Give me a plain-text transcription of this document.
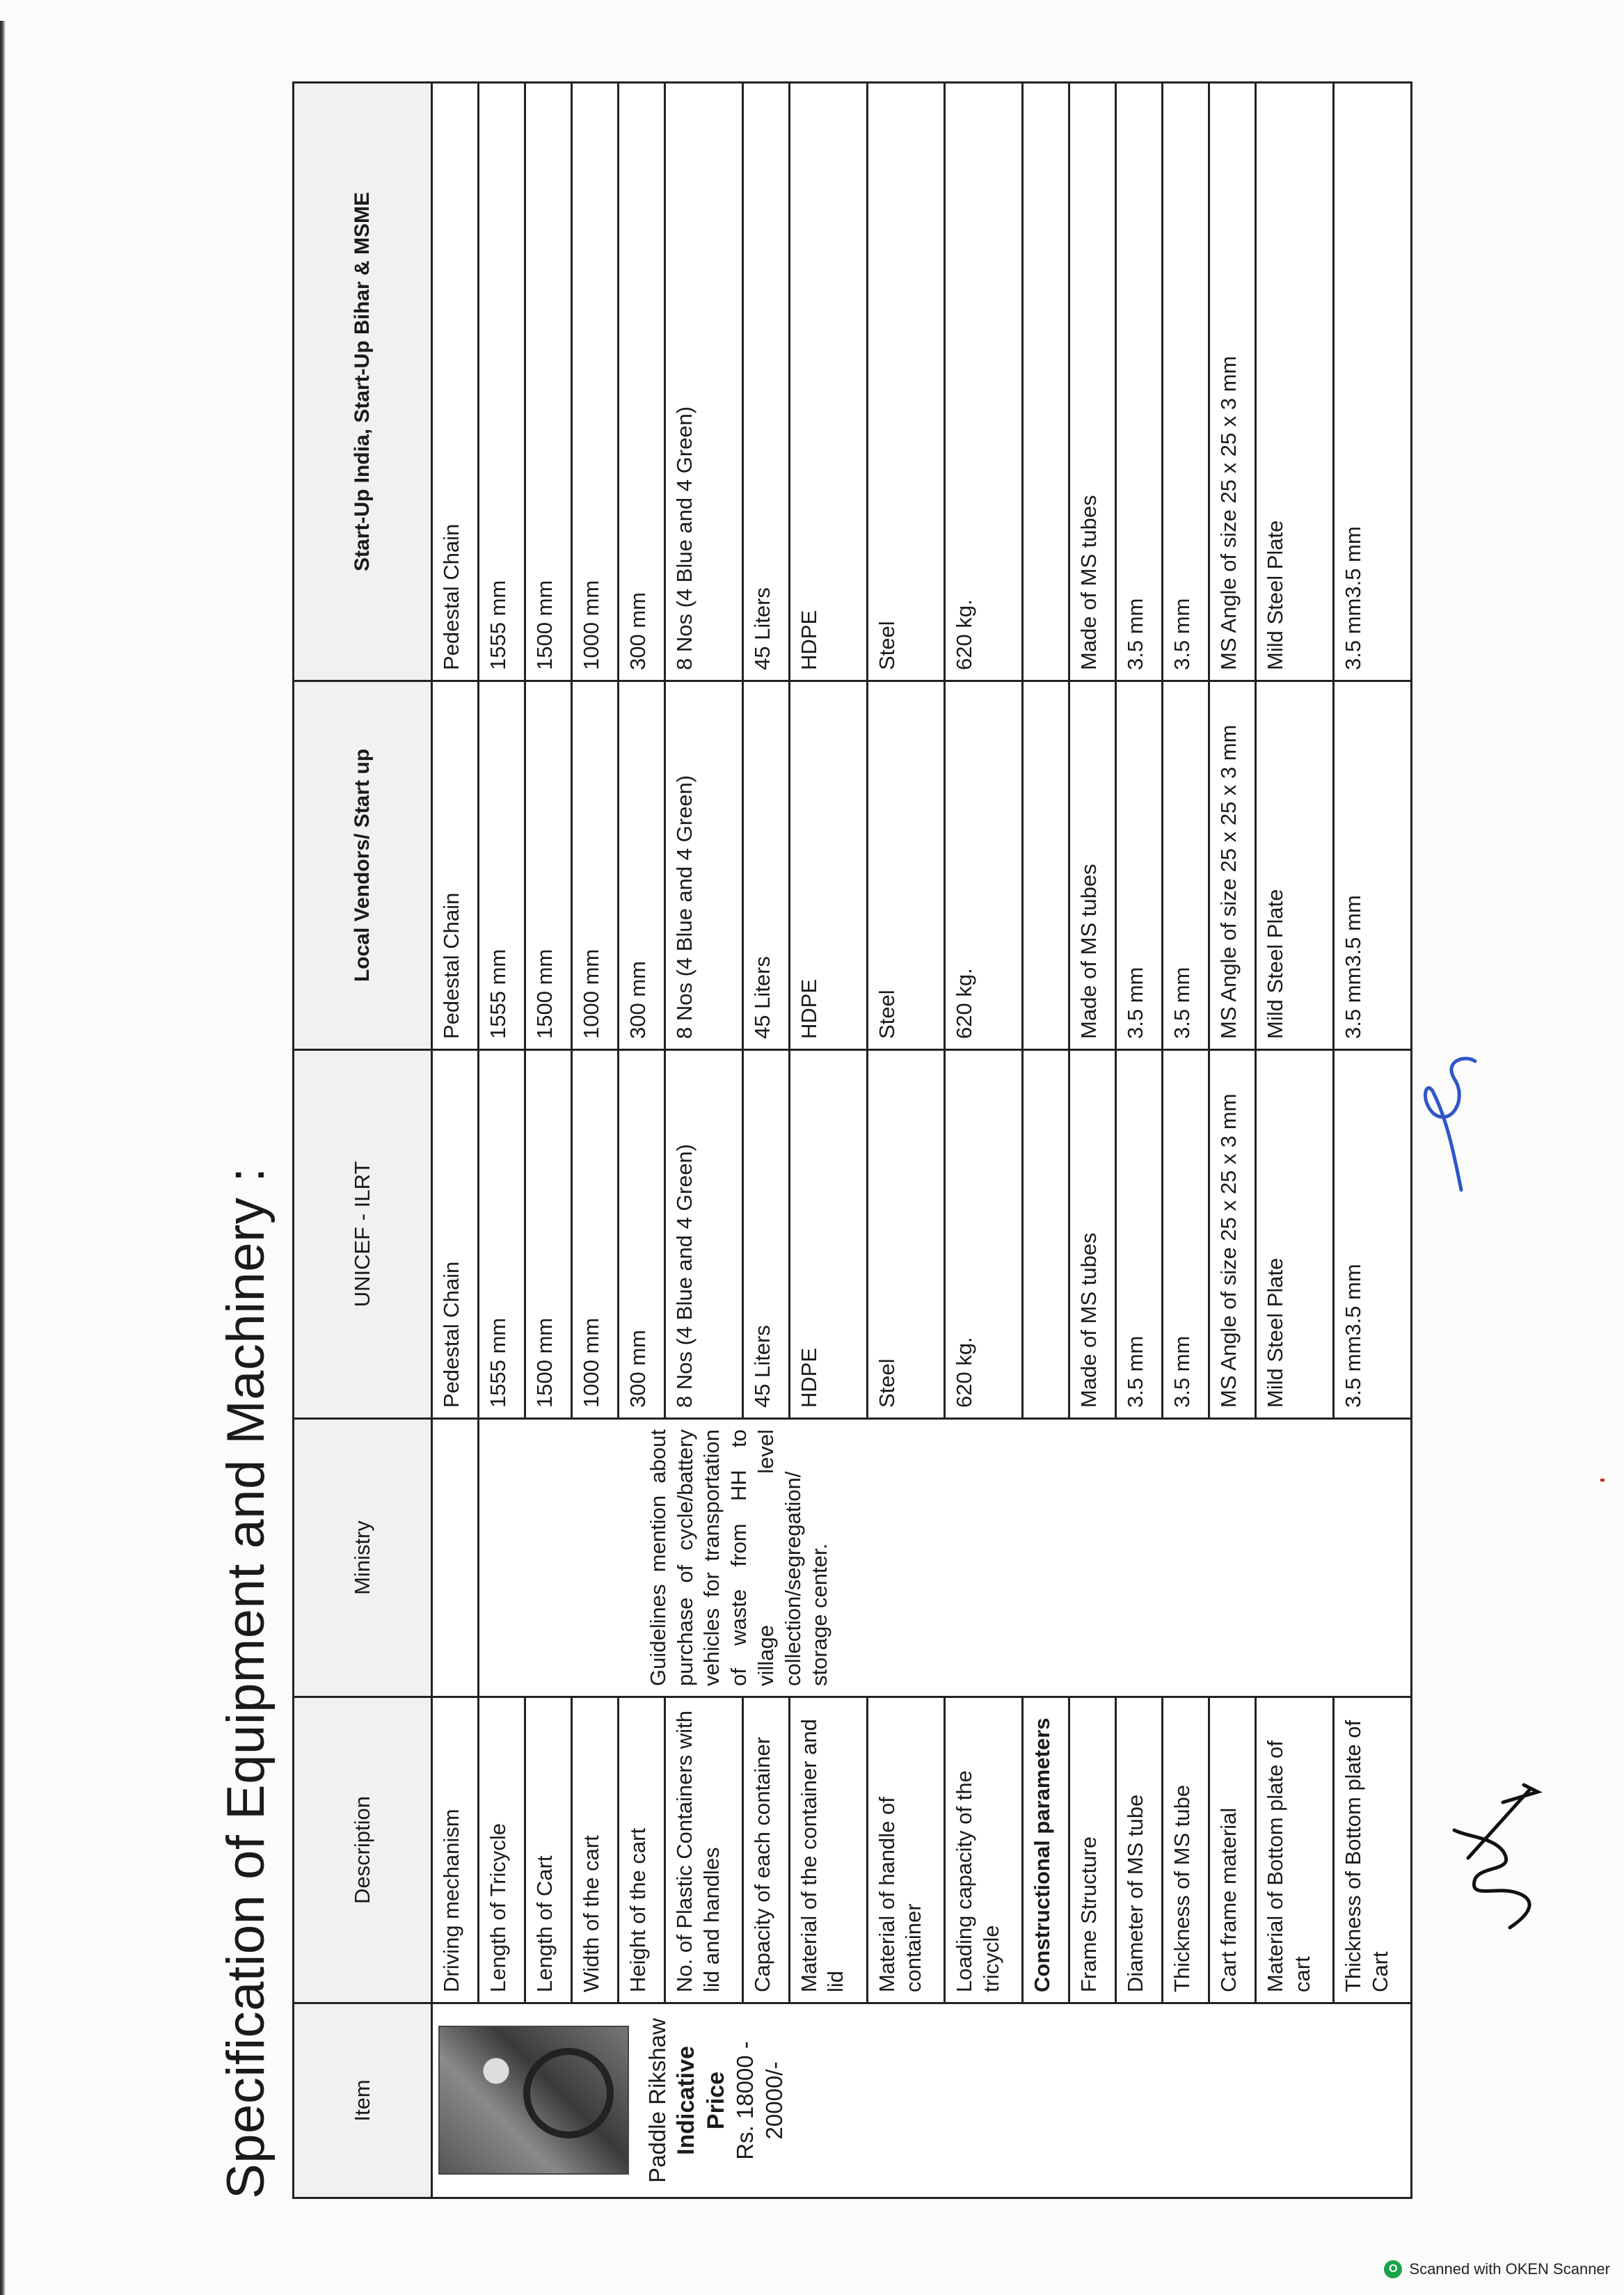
Specification of Equipment and Machinery :	Item	Description	Ministry	UNICEF - ILRT	Local Vendors/ Start up	Start-Up India, Start-Up Bihar & MSME

Paddle Rikshaw Indicative Price Rs. 18000 - 20000/-	Driving mechanism		Pedestal Chain	Pedestal Chain	Pedestal Chain
	Length of Tricycle	Guidelines mention about purchase of cycle/battery vehicles for transportation of waste from HH to village level collection/segregation/ storage center.	1555 mm	1555 mm	1555 mm
	Length of Cart		1500 mm	1500 mm	1500 mm
	Width of the cart		1000 mm	1000 mm	1000 mm
	Height of the cart		300 mm	300 mm	300 mm
	No. of Plastic Containers with lid and handles		8 Nos (4 Blue and 4 Green)	8 Nos (4 Blue and 4 Green)	8 Nos (4 Blue and 4 Green)
	Capacity of each container		45 Liters	45 Liters	45 Liters
	Material of the container and lid		HDPE	HDPE	HDPE
	Material of handle of container		Steel	Steel	Steel
	Loading capacity of the tricycle		620 kg.	620 kg.	620 kg.
	Constructional parameters				
	Frame Structure		Made of MS tubes	Made of MS tubes	Made of MS tubes
	Diameter of MS tube		3.5 mm	3.5 mm	3.5 mm
	Thickness of MS tube		3.5 mm	3.5 mm	3.5 mm
	Cart frame material		MS Angle of size 25 x 25 x 3 mm	MS Angle of size 25 x 25 x 3 mm	MS Angle of size 25 x 25 x 3 mm
	Material of Bottom plate of cart		Mild Steel Plate	Mild Steel Plate	Mild Steel Plate
	Thickness of Bottom plate of Cart		3.5 mm3.5 mm	3.5 mm3.5 mm	3.5 mm3.5 mm
O Scanned with OKEN Scanner
